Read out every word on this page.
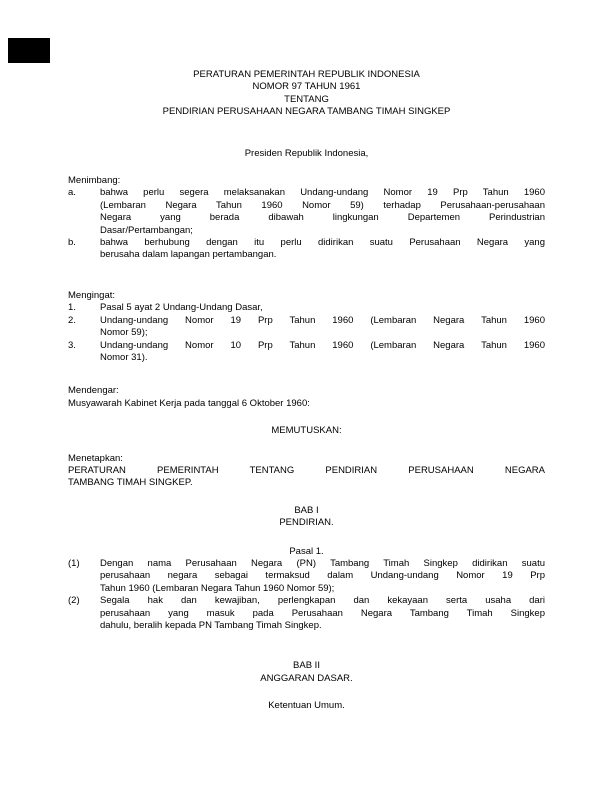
PERATURAN PEMERINTAH REPUBLIK INDONESIA
NOMOR 97 TAHUN 1961
TENTANG
PENDIRIAN PERUSAHAAN NEGARA TAMBANG TIMAH SINGKEP
Presiden Republik Indonesia,
Menimbang:
a.	bahwa perlu segera melaksanakan Undang-undang Nomor 19 Prp Tahun 1960
(Lembaran Negara Tahun 1960 Nomor 59) terhadap Perusahaan-perusahaan
Negara yang berada dibawah lingkungan Departemen Perindustrian
Dasar/Pertambangan;
b.	bahwa berhubung dengan itu perlu didirikan suatu Perusahaan Negara yang
berusaha dalam lapangan pertambangan.
Mengingat:
1.	Pasal 5 ayat 2 Undang-Undang Dasar,
2.	Undang-undang Nomor 19 Prp Tahun 1960 (Lembaran Negara Tahun 1960
Nomor 59);
3.	Undang-undang Nomor 10 Prp Tahun 1960 (Lembaran Negara Tahun 1960
Nomor 31).
Mendengar:
Musyawarah Kabinet Kerja pada tanggal 6 Oktober 1960:
MEMUTUSKAN:
Menetapkan:
PERATURAN PEMERINTAH TENTANG PENDIRIAN PERUSAHAAN NEGARA
TAMBANG TIMAH SINGKEP.
BAB I
PENDIRIAN.
Pasal 1.
(1)	Dengan nama Perusahaan Negara (PN) Tambang Timah Singkep didirikan suatu
perusahaan negara sebagai termaksud dalam Undang-undang Nomor 19 Prp
Tahun 1960 (Lembaran Negara Tahun 1960 Nomor 59);
(2)	Segala hak dan kewajiban, perlengkapan dan kekayaan serta usaha dari
perusahaan yang masuk pada Perusahaan Negara Tambang Timah Singkep
dahulu, beralih kepada PN Tambang Timah Singkep.
BAB II
ANGGARAN DASAR.
Ketentuan Umum.
